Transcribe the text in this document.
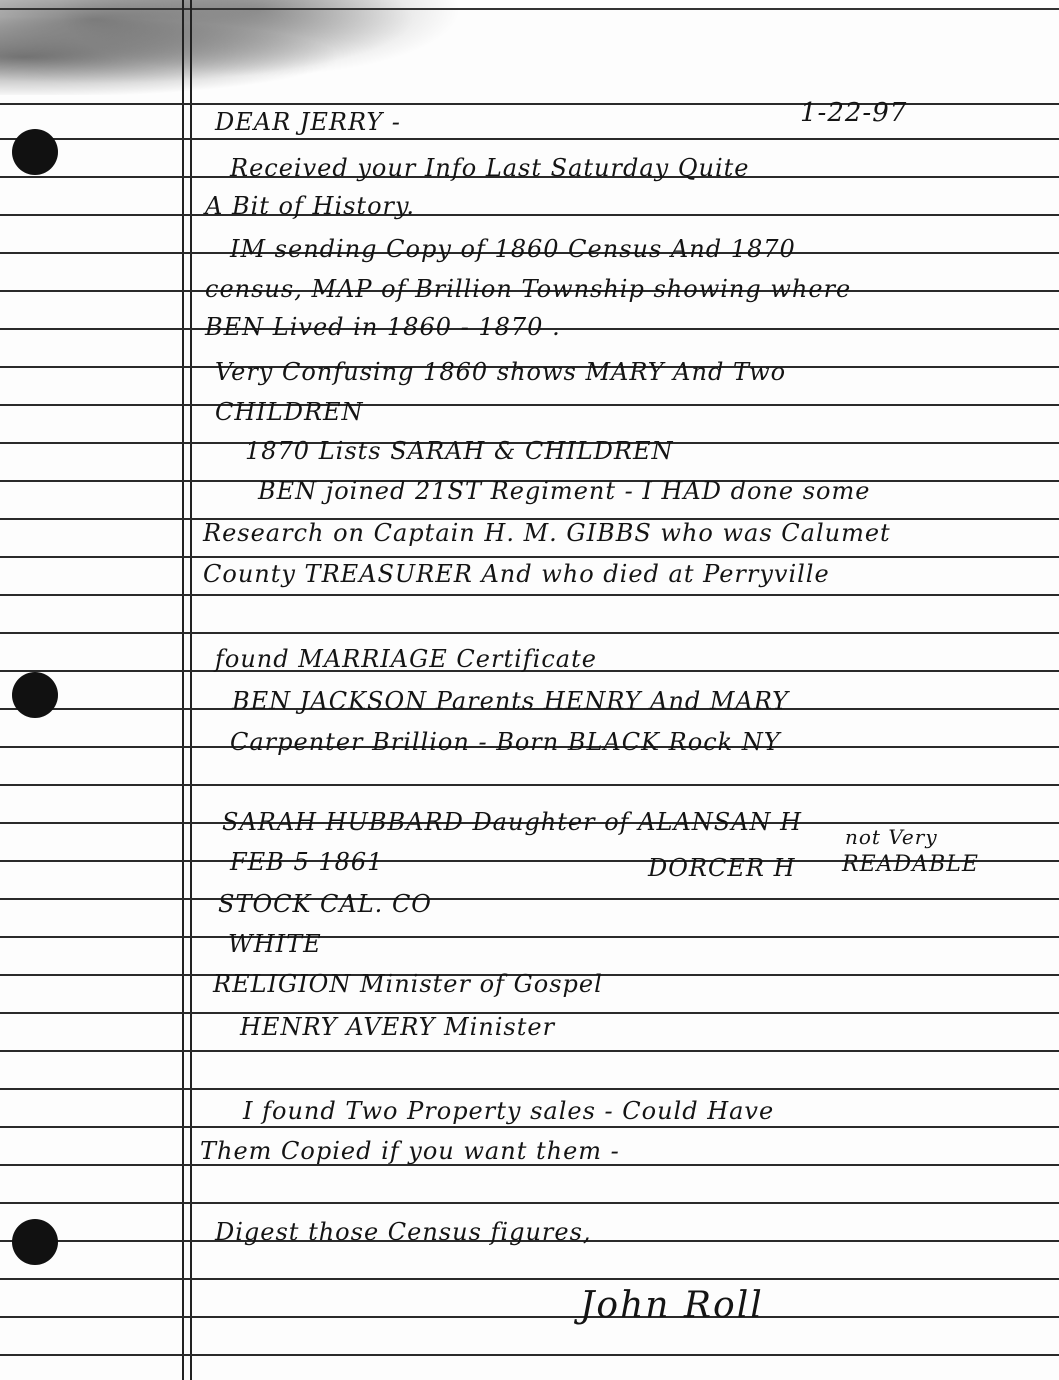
1-22-97
DEAR JERRY -
Received your Info Last Saturday Quite
A Bit of History.
IM sending Copy of 1860 Census And 1870
census, MAP of Brillion Township showing where
BEN Lived in 1860 - 1870 .
Very Confusing 1860 shows MARY And Two
CHILDREN
1870 Lists SARAH & CHILDREN
BEN joined 21ST Regiment - I HAD done some
Research on Captain H. M. GIBBS who was Calumet
County TREASURER And who died at Perryville
found MARRIAGE Certificate
BEN JACKSON Parents HENRY And MARY
Carpenter Brillion - Born BLACK Rock NY
SARAH HUBBARD Daughter of ALANSAN H
FEB 5 1861	DORCER H
not Very
READABLE
STOCK CAL. CO
WHITE
RELIGION Minister of Gospel
HENRY AVERY Minister
I found Two Property sales - Could Have
Them Copied if you want them -
Digest those Census figures,
John Roll
